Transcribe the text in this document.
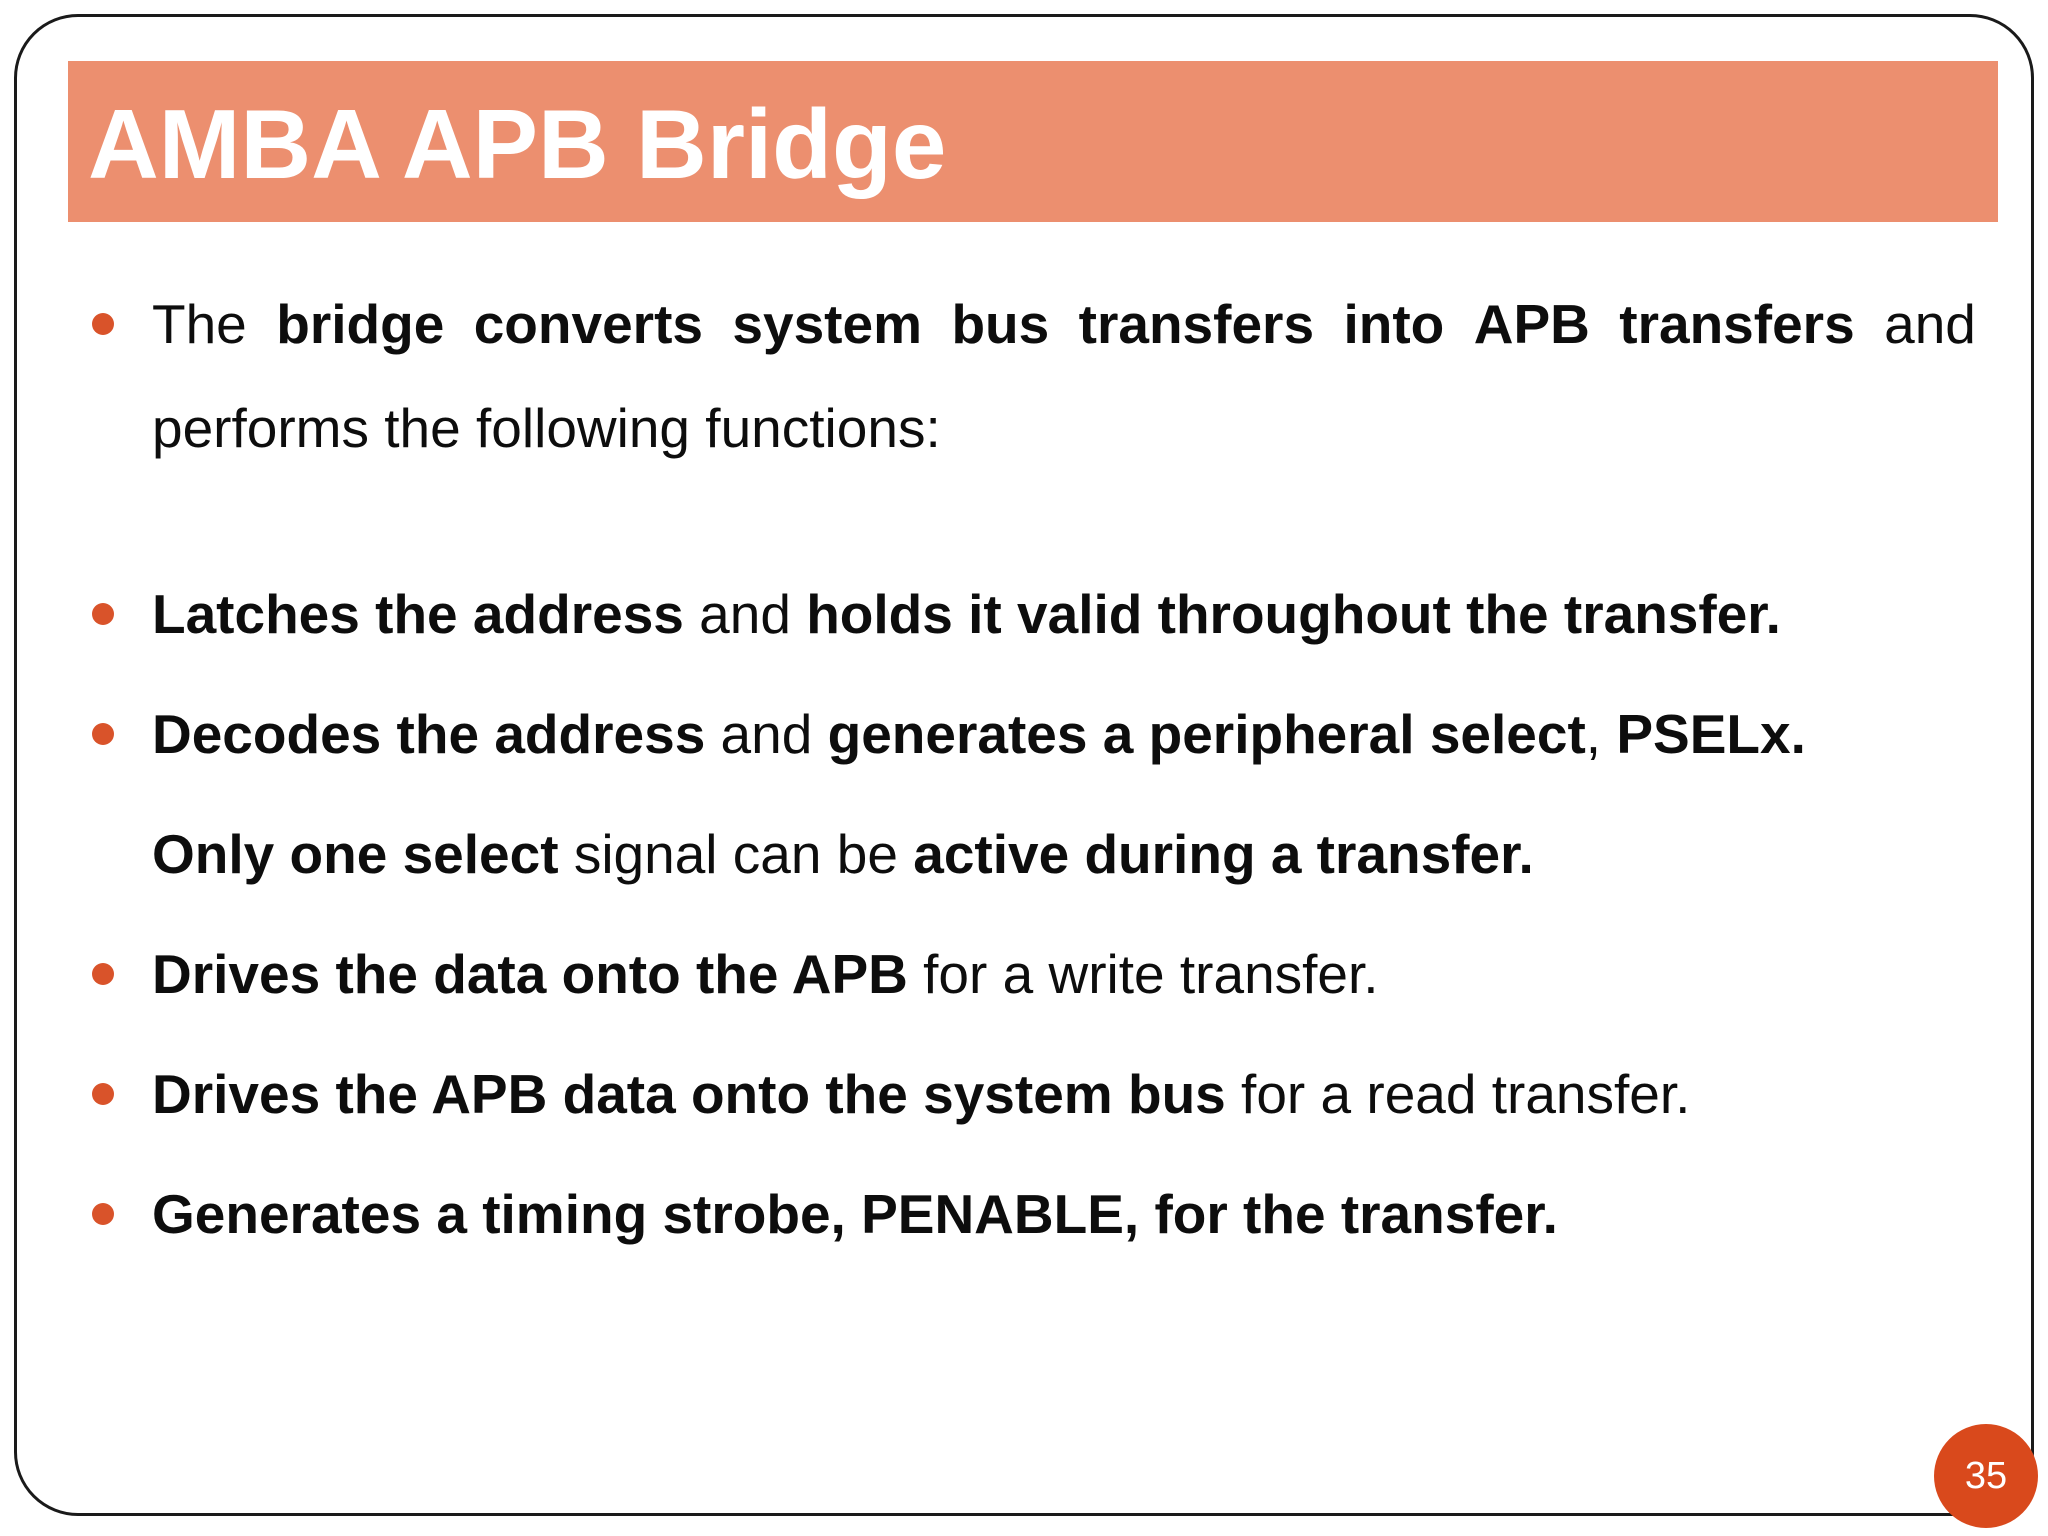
AMBA APB Bridge
The bridge converts system bus transfers into APB transfers and
performs the following functions:
Latches the address and holds it valid throughout the transfer.
Decodes the address and generates a peripheral select, PSELx.
Only one select signal can be active during a transfer.
Drives the data onto the APB for a write transfer.
Drives the APB data onto the system bus for a read transfer.
Generates a timing strobe, PENABLE, for the transfer.
35
